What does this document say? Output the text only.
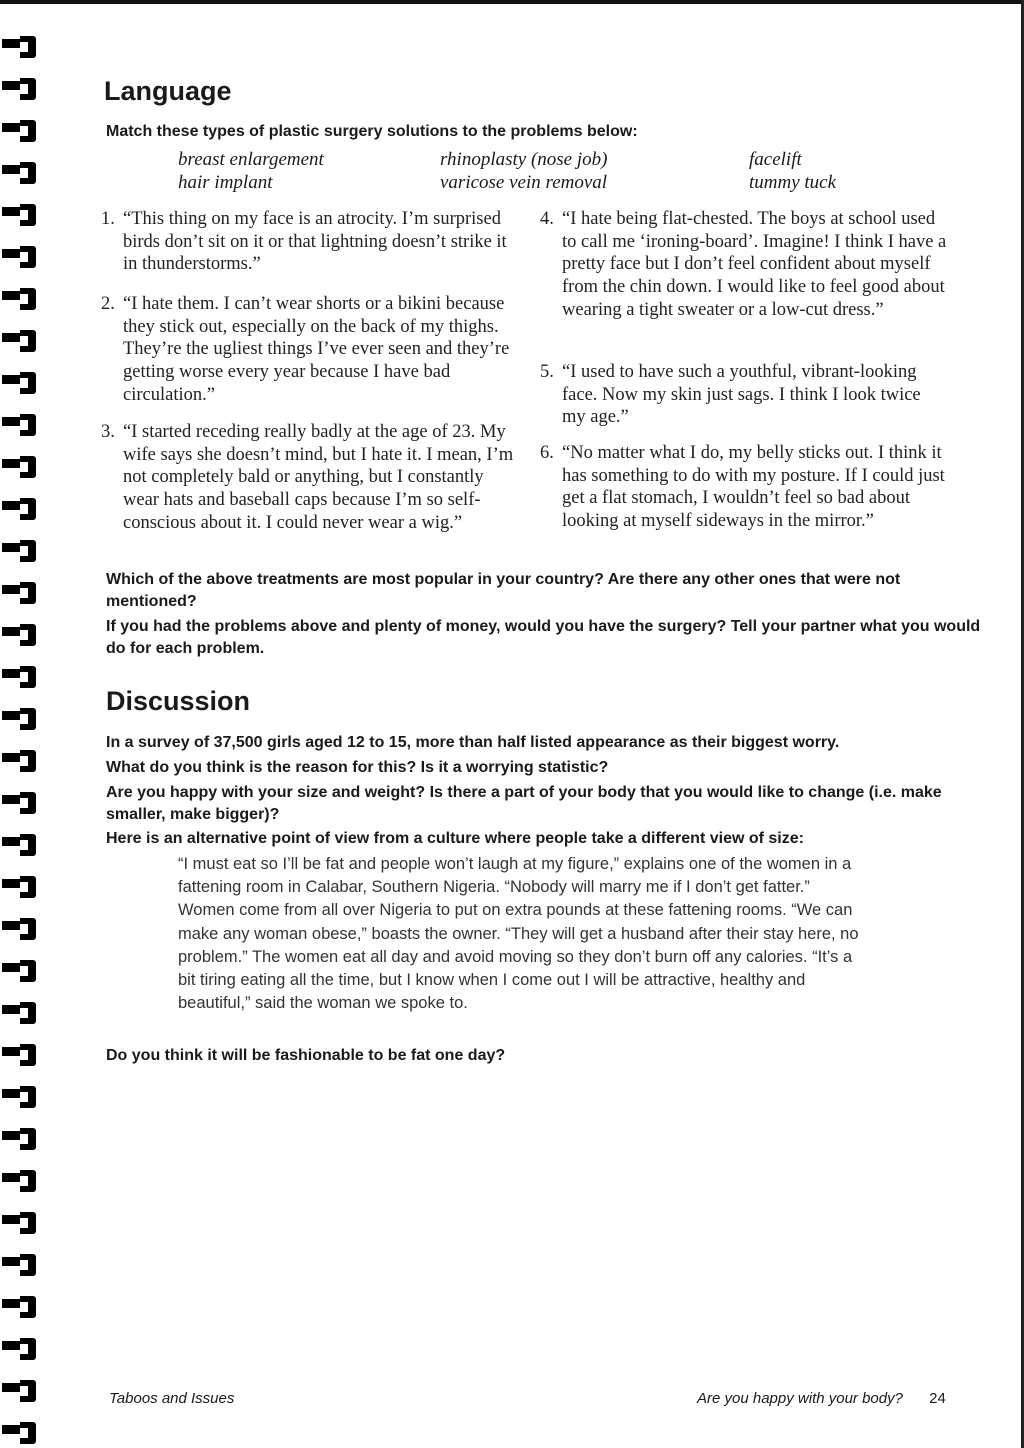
Language

Match these types of plastic surgery solutions to the problems below:

breast enlargement
hair implant
rhinoplasty (nose job)
varicose vein removal
facelift
tummy tuck
1. “This thing on my face is an atrocity. I’m surprised birds don’t sit on it or that lightning doesn’t strike it in thunderstorms.”

2. “I hate them. I can’t wear shorts or a bikini because they stick out, especially on the back of my thighs. They’re the ugliest things I’ve ever seen and they’re getting worse every year because I have bad circulation.”

3. “I started receding really badly at the age of 23. My wife says she doesn’t mind, but I hate it. I mean, I’m not completely bald or anything, but I constantly wear hats and baseball caps because I’m so self-conscious about it. I could never wear a wig.”

4. “I hate being flat-chested. The boys at school used to call me ‘ironing-board’. Imagine! I think I have a pretty face but I don’t feel confident about myself from the chin down. I would like to feel good about wearing a tight sweater or a low-cut dress.”

5. “I used to have such a youthful, vibrant-looking face. Now my skin just sags. I think I look twice my age.”

6. “No matter what I do, my belly sticks out. I think it has something to do with my posture. If I could just get a flat stomach, I wouldn’t feel so bad about looking at myself sideways in the mirror.”

Which of the above treatments are most popular in your country? Are there any other ones that were not mentioned?

If you had the problems above and plenty of money, would you have the surgery? Tell your partner what you would do for each problem.

Discussion

In a survey of 37,500 girls aged 12 to 15, more than half listed appearance as their biggest worry.

What do you think is the reason for this? Is it a worrying statistic?

Are you happy with your size and weight? Is there a part of your body that you would like to change (i.e. make smaller, make bigger)?

Here is an alternative point of view from a culture where people take a different view of size:

“I must eat so I’ll be fat and people won’t laugh at my figure,” explains one of the women in a fattening room in Calabar, Southern Nigeria. “Nobody will marry me if I don’t get fatter.” Women come from all over Nigeria to put on extra pounds at these fattening rooms. “We can make any woman obese,” boasts the owner. “They will get a husband after their stay here, no problem.” The women eat all day and avoid moving so they don’t burn off any calories. “It’s a bit tiring eating all the time, but I know when I come out I will be attractive, healthy and beautiful,” said the woman we spoke to.

Do you think it will be fashionable to be fat one day?

Taboos and Issues	Are you happy with your body? 24
